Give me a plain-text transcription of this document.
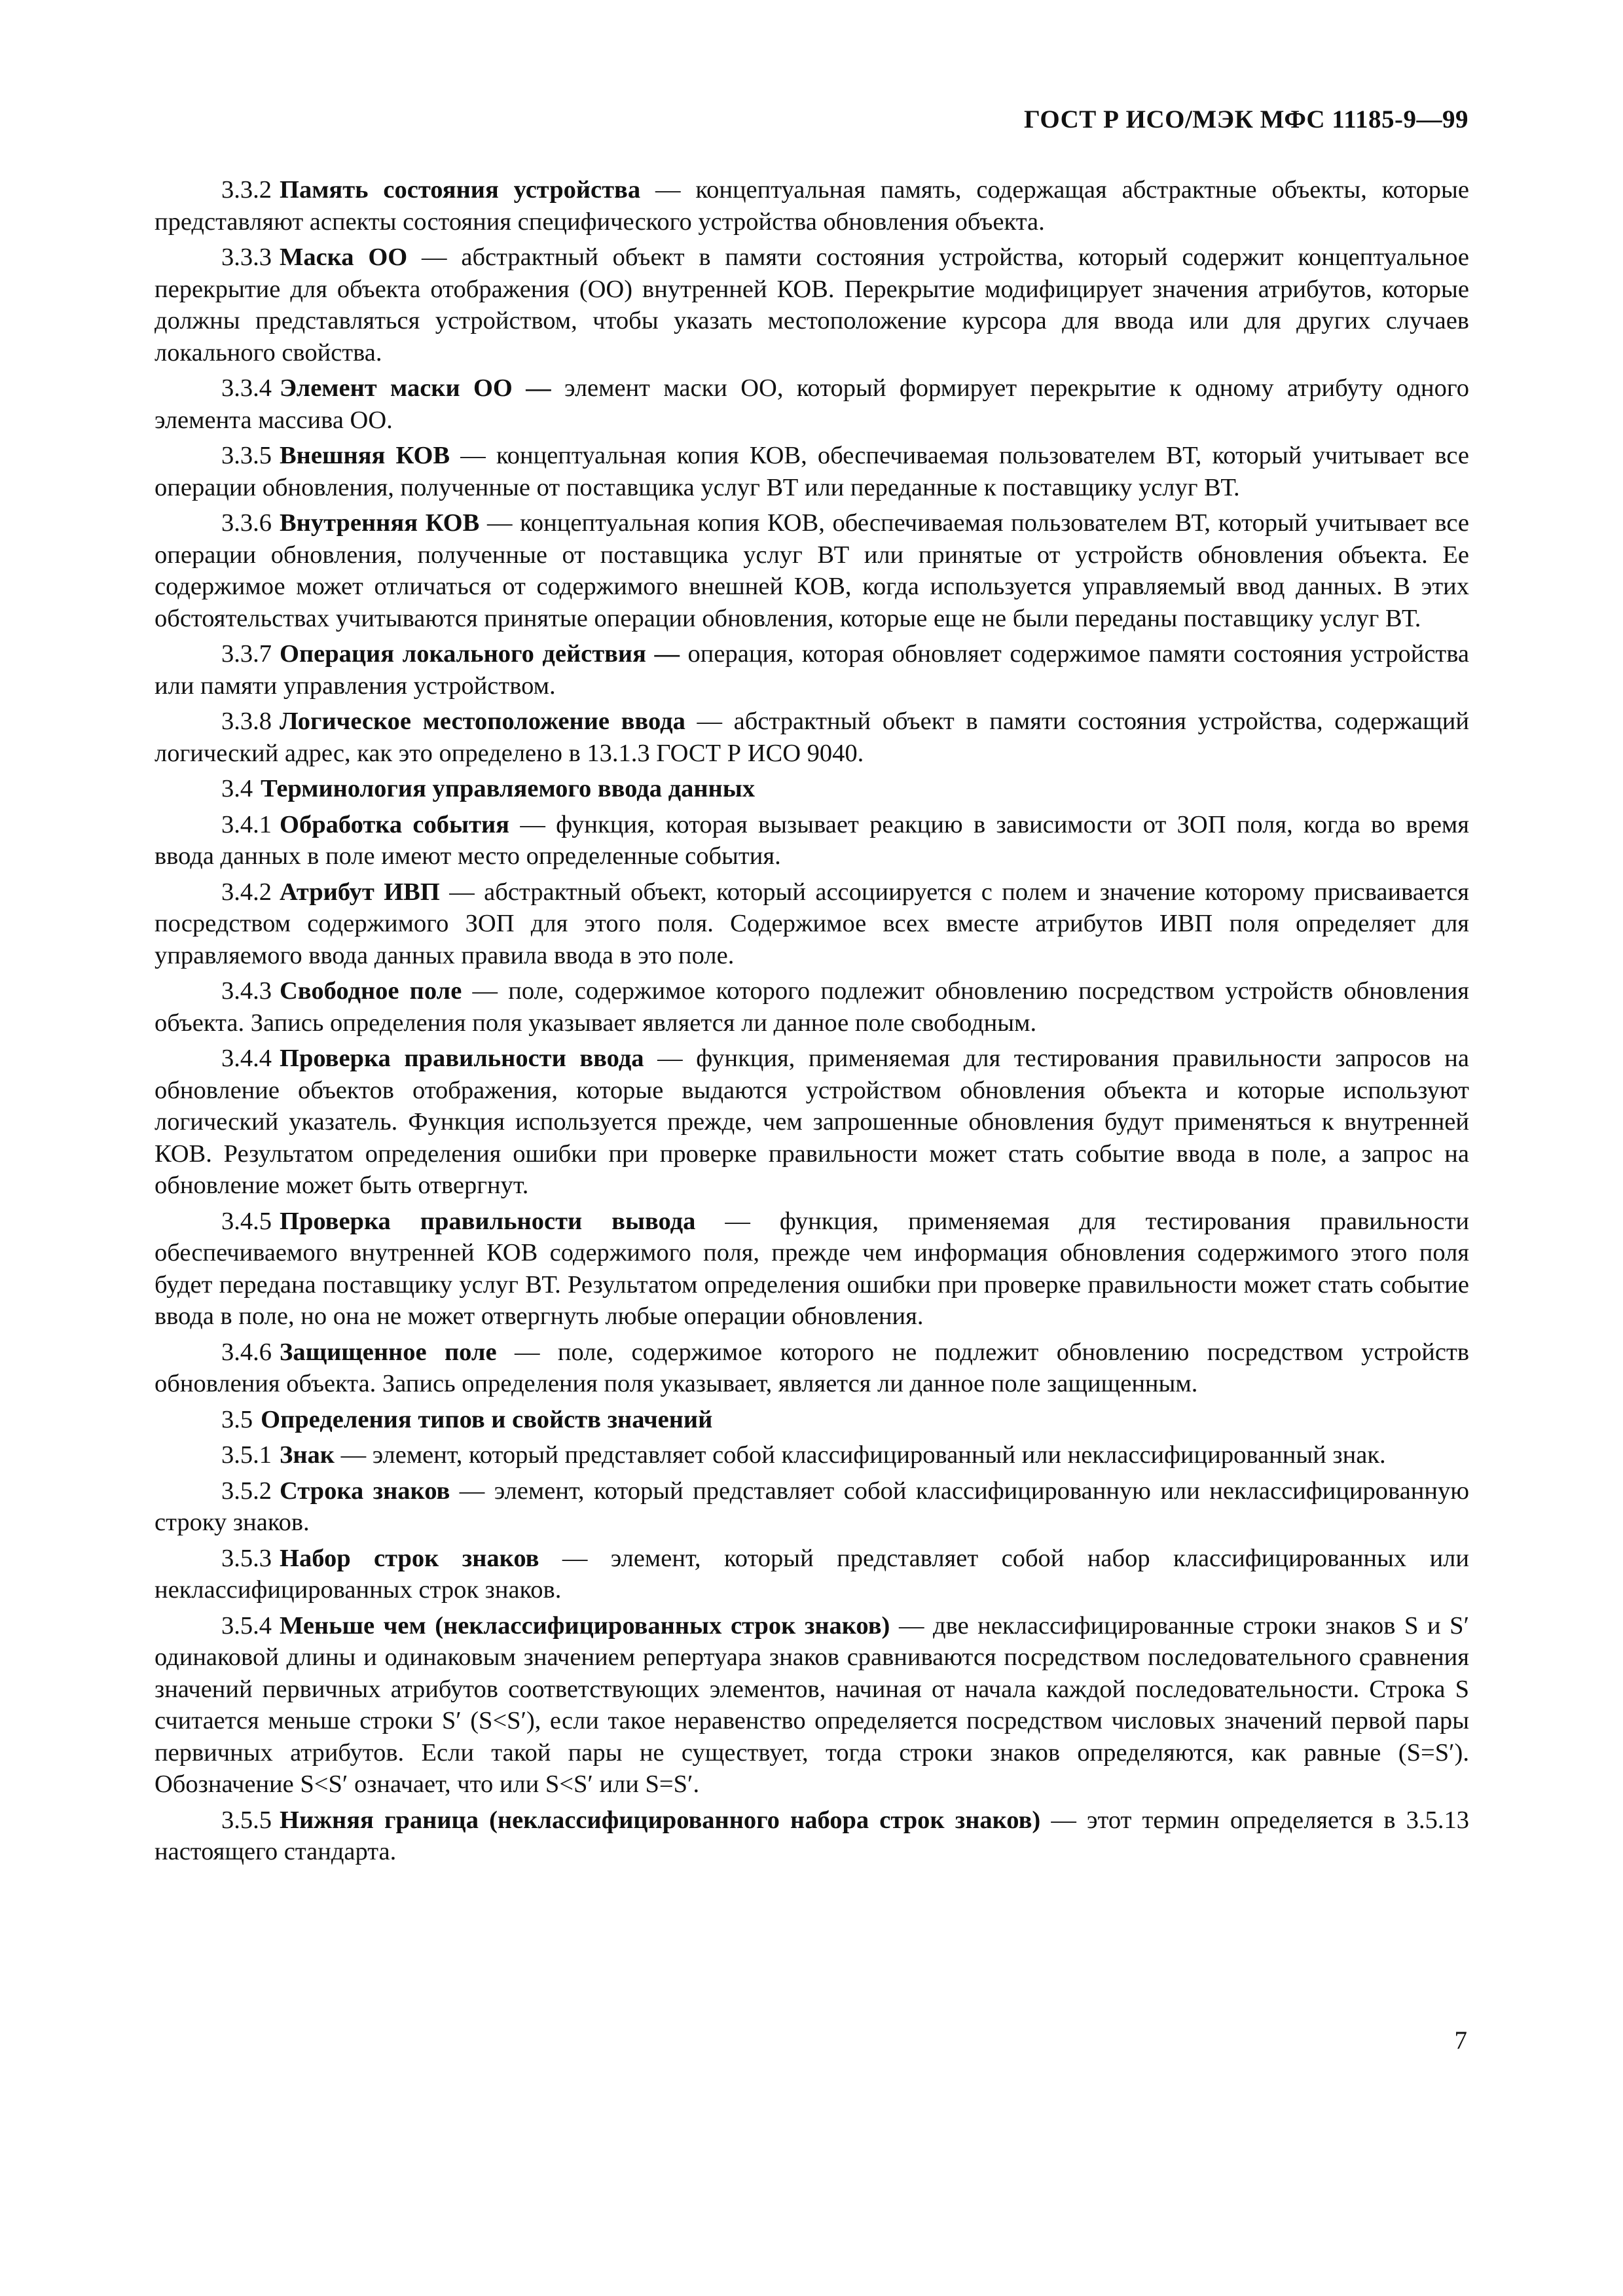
ГОСТ Р ИСО/МЭК МФС 11185-9—99

3.3.2 Память состояния устройства — концептуальная память, содержащая абстрактные объекты, которые представляют аспекты состояния специфического устройства обновления объекта.

3.3.3 Маска ОО — абстрактный объект в памяти состояния устройства, который содержит концептуальное перекрытие для объекта отображения (ОО) внутренней КОВ. Перекрытие модифицирует значения атрибутов, которые должны представляться устройством, чтобы указать местоположение курсора для ввода или для других случаев локального свойства.

3.3.4 Элемент маски ОО — элемент маски ОО, который формирует перекрытие к одному атрибуту одного элемента массива ОО.

3.3.5 Внешняя КОВ — концептуальная копия КОВ, обеспечиваемая пользователем ВТ, который учитывает все операции обновления, полученные от поставщика услуг ВТ или переданные к поставщику услуг ВТ.

3.3.6 Внутренняя КОВ — концептуальная копия КОВ, обеспечиваемая пользователем ВТ, который учитывает все операции обновления, полученные от поставщика услуг ВТ или принятые от устройств обновления объекта. Ее содержимое может отличаться от содержимого внешней КОВ, когда используется управляемый ввод данных. В этих обстоятельствах учитываются принятые операции обновления, которые еще не были переданы поставщику услуг ВТ.

3.3.7 Операция локального действия — операция, которая обновляет содержимое памяти состояния устройства или памяти управления устройством.

3.3.8 Логическое местоположение ввода — абстрактный объект в памяти состояния устройства, содержащий логический адрес, как это определено в 13.1.3 ГОСТ Р ИСО 9040.

3.4 Терминология управляемого ввода данных

3.4.1 Обработка события — функция, которая вызывает реакцию в зависимости от ЗОП поля, когда во время ввода данных в поле имеют место определенные события.

3.4.2 Атрибут ИВП — абстрактный объект, который ассоциируется с полем и значение которому присваивается посредством содержимого ЗОП для этого поля. Содержимое всех вместе атрибутов ИВП поля определяет для управляемого ввода данных правила ввода в это поле.

3.4.3 Свободное поле — поле, содержимое которого подлежит обновлению посредством устройств обновления объекта. Запись определения поля указывает является ли данное поле свободным.

3.4.4 Проверка правильности ввода — функция, применяемая для тестирования правильности запросов на обновление объектов отображения, которые выдаются устройством обновления объекта и которые используют логический указатель. Функция используется прежде, чем запрошенные обновления будут применяться к внутренней КОВ. Результатом определения ошибки при проверке правильности может стать событие ввода в поле, а запрос на обновление может быть отвергнут.

3.4.5 Проверка правильности вывода — функция, применяемая для тестирования правильности обеспечиваемого внутренней КОВ содержимого поля, прежде чем информация обновления содержимого этого поля будет передана поставщику услуг ВТ. Результатом определения ошибки при проверке правильности может стать событие ввода в поле, но она не может отвергнуть любые операции обновления.

3.4.6 Защищенное поле — поле, содержимое которого не подлежит обновлению посредством устройств обновления объекта. Запись определения поля указывает, является ли данное поле защищенным.

3.5 Определения типов и свойств значений

3.5.1 Знак — элемент, который представляет собой классифицированный или неклассифицированный знак.

3.5.2 Строка знаков — элемент, который представляет собой классифицированную или неклассифицированную строку знаков.

3.5.3 Набор строк знаков — элемент, который представляет собой набор классифицированных или неклассифицированных строк знаков.

3.5.4 Меньше чем (неклассифицированных строк знаков) — две неклассифицированные строки знаков S и S′ одинаковой длины и одинаковым значением репертуара знаков сравниваются посредством последовательного сравнения значений первичных атрибутов соответствующих элементов, начиная от начала каждой последовательности. Строка S считается меньше строки S′ (S<S′), если такое неравенство определяется посредством числовых значений первой пары первичных атрибутов. Если такой пары не существует, тогда строки знаков определяются, как равные (S=S′). Обозначение S<S′ означает, что или S<S′ или S=S′.

3.5.5 Нижняя граница (неклассифицированного набора строк знаков) — этот термин определяется в 3.5.13 настоящего стандарта.

7
